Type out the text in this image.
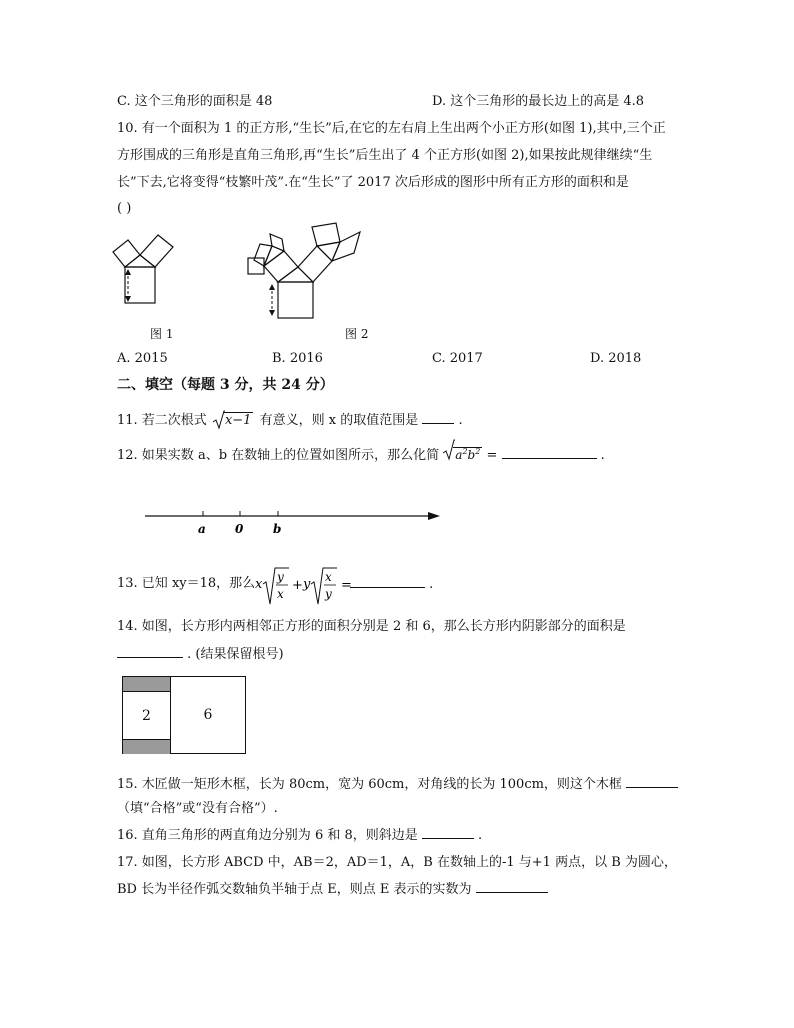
C. 这个三角形的面积是 48	D. 这个三角形的最长边上的高是 4.8
10. 有一个面积为 1 的正方形,“生长”后,在它的左右肩上生出两个小正方形(如图 1),其中,三个正
方形围成的三角形是直角三角形,再“生长”后生出了 4 个正方形(如图 2),如果按此规律继续“生
长”下去,它将变得“枝繁叶茂”.在“生长”了 2017 次后形成的图形中所有正方形的面积和是
( )
图 1	图 2
A. 2015	B. 2016	C. 2017	D. 2018
二、填空（每题 3 分，共 24 分）
11. 若二次根式 x−1 有意义，则 x 的取值范围是	.
12. 如果实数 a、b 在数轴上的位置如图所示，那么化简 $a^2b^2$ =	.
a 0 b
13. 已知 xy＝18，那么 x y
x
+ y x
y
=	.
14. 如图，长方形内两相邻正方形的面积分别是 2 和 6，那么长方形内阴影部分的面积是
. (结果保留根号)
2	6
15. 木匠做一矩形木框，长为 80cm，宽为 60cm，对角线的长为 100cm，则这个木框
（填“合格”或“没有合格”）.
16. 直角三角形的两直角边分别为 6 和 8，则斜边是	.
17. 如图，长方形 ABCD 中，AB＝2，AD＝1，A，B 在数轴上的-1 与+1 两点，以 B 为圆心，
BD 长为半径作弧交数轴负半轴于点 E，则点 E 表示的实数为
